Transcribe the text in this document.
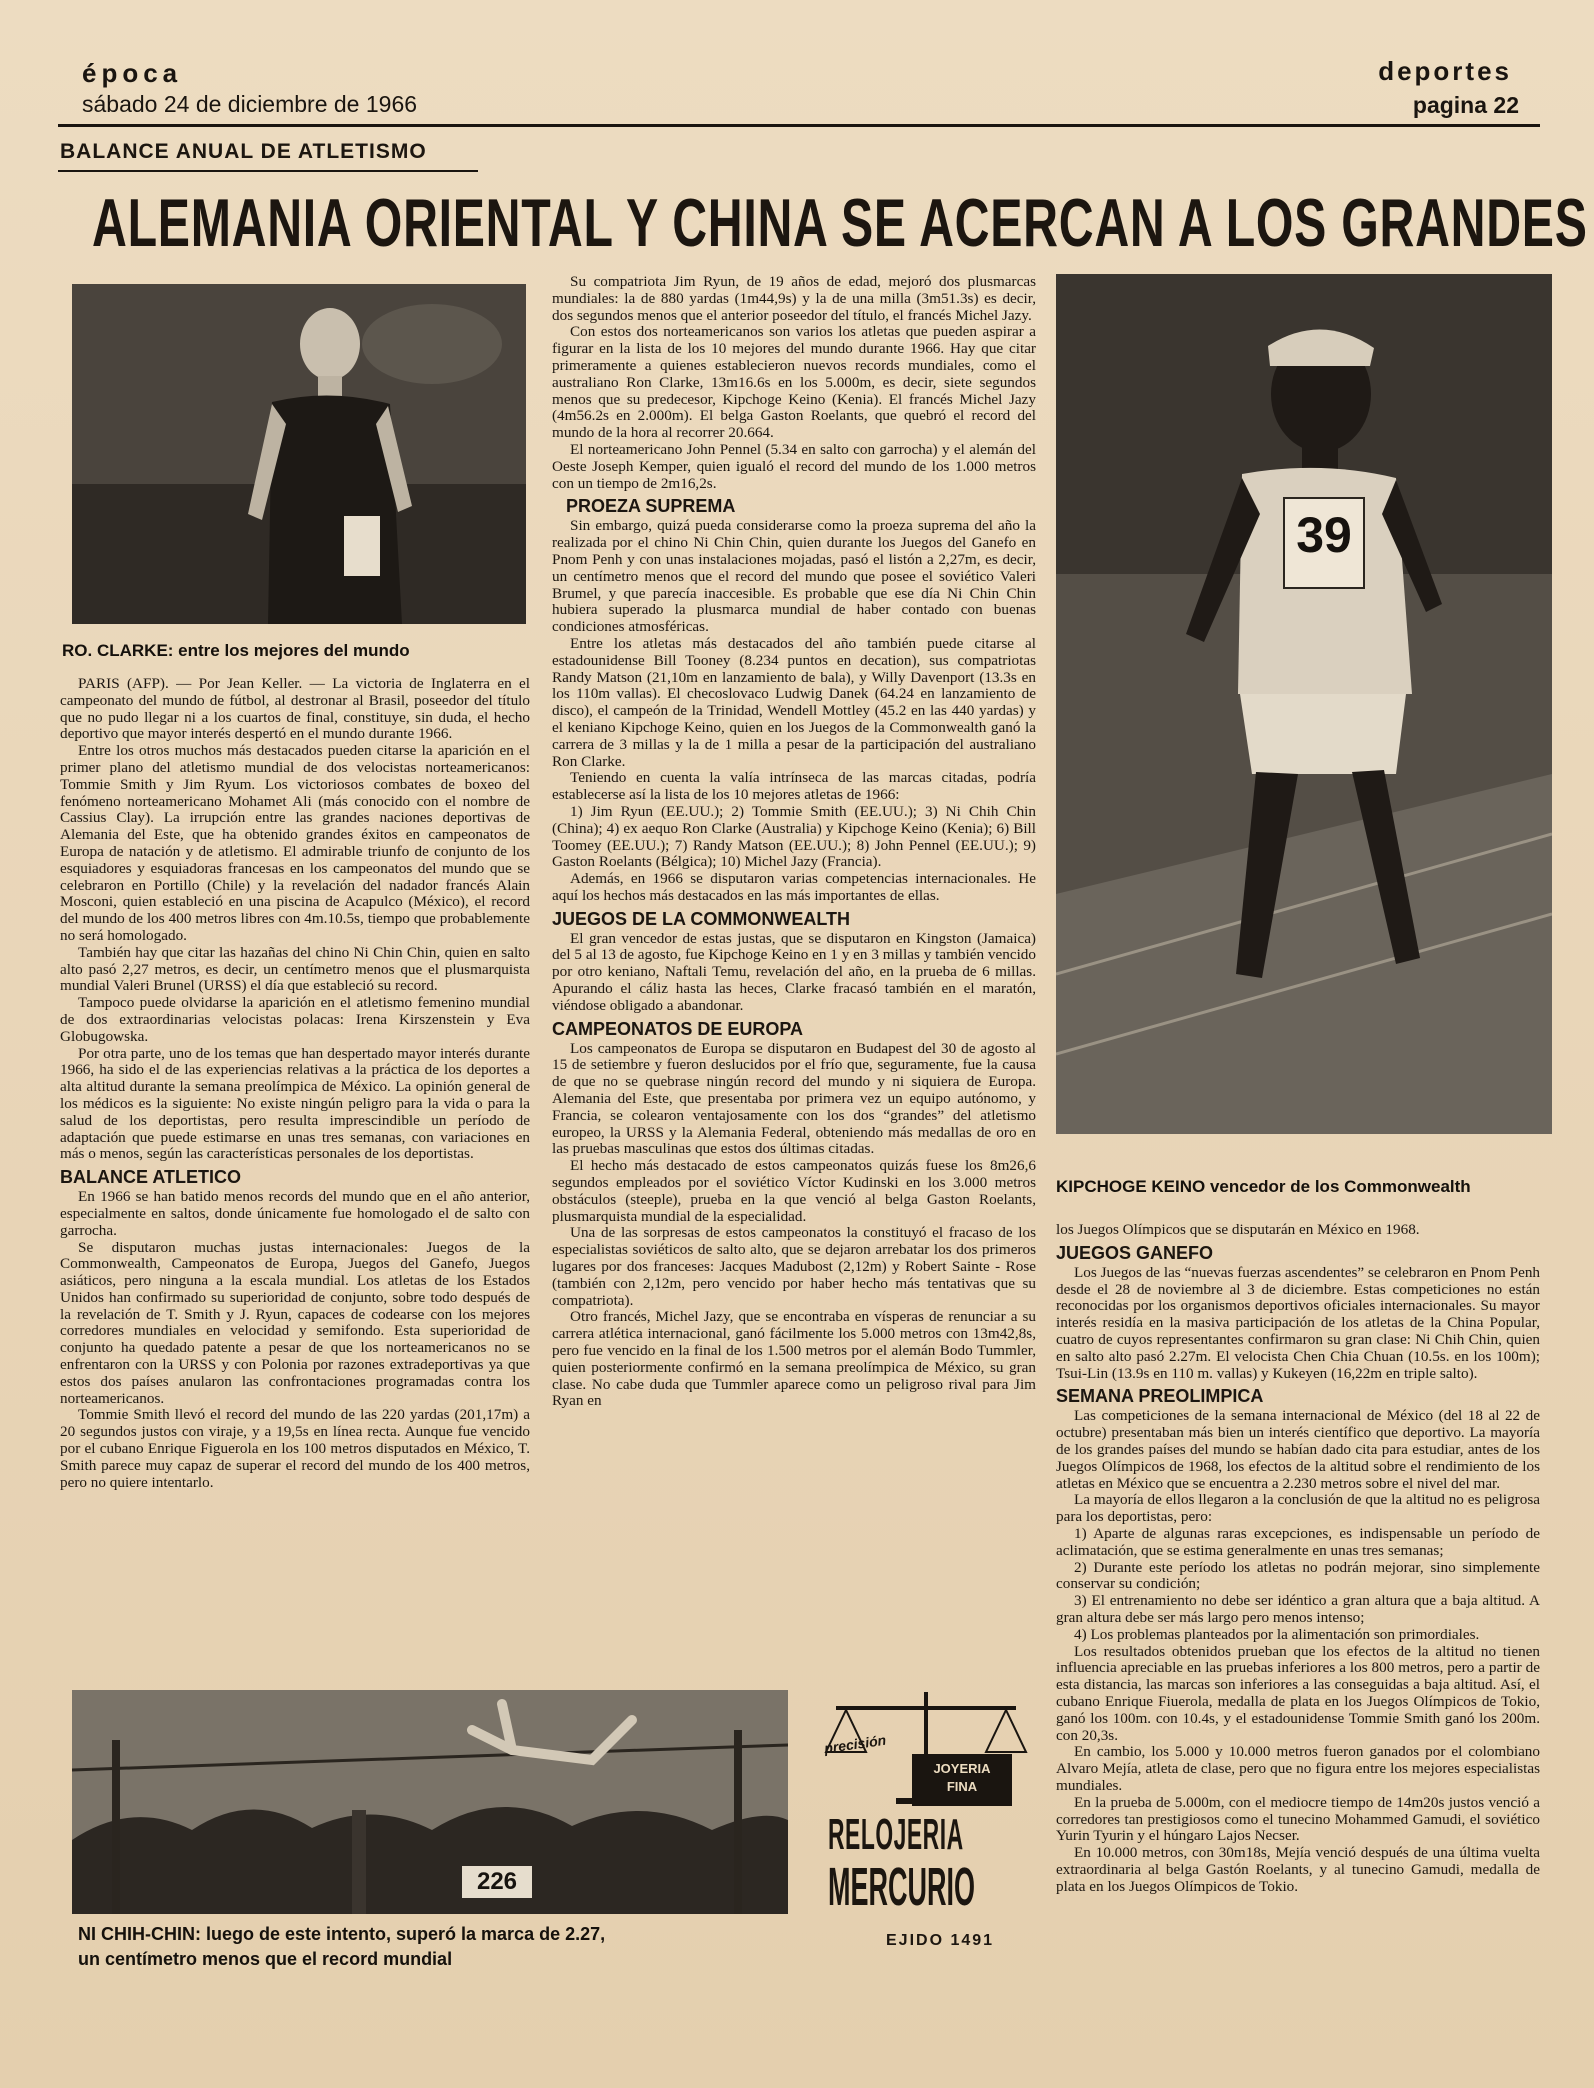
época
sábado 24 de diciembre de 1966
deportes
pagina 22
BALANCE ANUAL DE ATLETISMO
ALEMANIA ORIENTAL Y CHINA SE ACERCAN A LOS GRANDES
RO. CLARKE: entre los mejores del mundo

PARIS (AFP). — Por Jean Keller. — La victoria de Inglaterra en el campeonato del mundo de fútbol, al destronar al Brasil, poseedor del título que no pudo llegar ni a los cuartos de final, constituye, sin duda, el hecho deportivo que mayor interés despertó en el mundo durante 1966.

Entre los otros muchos más destacados pueden citarse la aparición en el primer plano del atletismo mundial de dos velocistas norteamericanos: Tommie Smith y Jim Ryum. Los victoriosos combates de boxeo del fenómeno norteamericano Mohamet Ali (más conocido con el nombre de Cassius Clay). La irrupción entre las grandes naciones deportivas de Alemania del Este, que ha obtenido grandes éxitos en campeonatos de Europa de natación y de atletismo. El admirable triunfo de conjunto de los esquiadores y esquiadoras francesas en los campeonatos del mundo que se celebraron en Portillo (Chile) y la revelación del nadador francés Alain Mosconi, quien estableció en una piscina de Acapulco (México), el record del mundo de los 400 metros libres con 4m.10.5s, tiempo que probablemente no será homologado.

También hay que citar las hazañas del chino Ni Chin Chin, quien en salto alto pasó 2,27 metros, es decir, un centímetro menos que el plusmarquista mundial Valeri Brunel (URSS) el día que estableció su record.

Tampoco puede olvidarse la aparición en el atletismo femenino mundial de dos extraordinarias velocistas polacas: Irena Kirszenstein y Eva Globugowska.

Por otra parte, uno de los temas que han despertado mayor interés durante 1966, ha sido el de las experiencias relativas a la práctica de los deportes a alta altitud durante la semana preolímpica de México. La opinión general de los médicos es la siguiente: No existe ningún peligro para la vida o para la salud de los deportistas, pero resulta imprescindible un período de adaptación que puede estimarse en unas tres semanas, con variaciones en más o menos, según las características personales de los deportistas.

BALANCE ATLETICO

En 1966 se han batido menos records del mundo que en el año anterior, especialmente en saltos, donde únicamente fue homologado el de salto con garrocha.

Se disputaron muchas justas internacionales: Juegos de la Commonwealth, Campeonatos de Europa, Juegos del Ganefo, Juegos asiáticos, pero ninguna a la escala mundial. Los atletas de los Estados Unidos han confirmado su superioridad de conjunto, sobre todo después de la revelación de T. Smith y J. Ryun, capaces de codearse con los mejores corredores mundiales en velocidad y semifondo. Esta superioridad de conjunto ha quedado patente a pesar de que los norteamericanos no se enfrentaron con la URSS y con Polonia por razones extradeportivas ya que estos dos países anularon las confrontaciones programadas contra los norteamericanos.

Tommie Smith llevó el record del mundo de las 220 yardas (201,17m) a 20 segundos justos con viraje, y a 19,5s en línea recta. Aunque fue vencido por el cubano Enrique Figuerola en los 100 metros disputados en México, T. Smith parece muy capaz de superar el record del mundo de los 400 metros, pero no quiere intentarlo.

Su compatriota Jim Ryun, de 19 años de edad, mejoró dos plusmarcas mundiales: la de 880 yardas (1m44,9s) y la de una milla (3m51.3s) es decir, dos segundos menos que el anterior poseedor del título, el francés Michel Jazy.

Con estos dos norteamericanos son varios los atletas que pueden aspirar a figurar en la lista de los 10 mejores del mundo durante 1966. Hay que citar primeramente a quienes establecieron nuevos records mundiales, como el australiano Ron Clarke, 13m16.6s en los 5.000m, es decir, siete segundos menos que su predecesor, Kipchoge Keino (Kenia). El francés Michel Jazy (4m56.2s en 2.000m). El belga Gaston Roelants, que quebró el record del mundo de la hora al recorrer 20.664.

El norteamericano John Pennel (5.34 en salto con garrocha) y el alemán del Oeste Joseph Kemper, quien igualó el record del mundo de los 1.000 metros con un tiempo de 2m16,2s.

PROEZA SUPREMA

Sin embargo, quizá pueda considerarse como la proeza suprema del año la realizada por el chino Ni Chin Chin, quien durante los Juegos del Ganefo en Pnom Penh y con unas instalaciones mojadas, pasó el listón a 2,27m, es decir, un centímetro menos que el record del mundo que posee el soviético Valeri Brumel, y que parecía inaccesible. Es probable que ese día Ni Chin Chin hubiera superado la plusmarca mundial de haber contado con buenas condiciones atmosféricas.

Entre los atletas más destacados del año también puede citarse al estadounidense Bill Tooney (8.234 puntos en decation), sus compatriotas Randy Matson (21,10m en lanzamiento de bala), y Willy Davenport (13.3s en los 110m vallas). El checoslovaco Ludwig Danek (64.24 en lanzamiento de disco), el campeón de la Trinidad, Wendell Mottley (45.2 en las 440 yardas) y el keniano Kipchoge Keino, quien en los Juegos de la Commonwealth ganó la carrera de 3 millas y la de 1 milla a pesar de la participación del australiano Ron Clarke.

Teniendo en cuenta la valía intrínseca de las marcas citadas, podría establecerse así la lista de los 10 mejores atletas de 1966:

1) Jim Ryun (EE.UU.); 2) Tommie Smith (EE.UU.); 3) Ni Chih Chin (China); 4) ex aequo Ron Clarke (Australia) y Kipchoge Keino (Kenia); 6) Bill Toomey (EE.UU.); 7) Randy Matson (EE.UU.); 8) John Pennel (EE.UU.); 9) Gaston Roelants (Bélgica); 10) Michel Jazy (Francia).

Además, en 1966 se disputaron varias competencias internacionales. He aquí los hechos más destacados en las más importantes de ellas.

JUEGOS DE LA COMMONWEALTH

El gran vencedor de estas justas, que se disputaron en Kingston (Jamaica) del 5 al 13 de agosto, fue Kipchoge Keino en 1 y en 3 millas y también vencido por otro keniano, Naftali Temu, revelación del año, en la prueba de 6 millas. Apurando el cáliz hasta las heces, Clarke fracasó también en el maratón, viéndose obligado a abandonar.

CAMPEONATOS DE EUROPA

Los campeonatos de Europa se disputaron en Budapest del 30 de agosto al 15 de setiembre y fueron deslucidos por el frío que, seguramente, fue la causa de que no se quebrase ningún record del mundo y ni siquiera de Europa. Alemania del Este, que presentaba por primera vez un equipo autónomo, y Francia, se colearon ventajosamente con los dos “grandes” del atletismo europeo, la URSS y la Alemania Federal, obteniendo más medallas de oro en las pruebas masculinas que estos dos últimas citadas.

El hecho más destacado de estos campeonatos quizás fuese los 8m26,6 segundos empleados por el soviético Víctor Kudinski en los 3.000 metros obstáculos (steeple), prueba en la que venció al belga Gaston Roelants, plusmarquista mundial de la especialidad.

Una de las sorpresas de estos campeonatos la constituyó el fracaso de los especialistas soviéticos de salto alto, que se dejaron arrebatar los dos primeros lugares por dos franceses: Jacques Madubost (2,12m) y Robert Sainte - Rose (también con 2,12m, pero vencido por haber hecho más tentativas que su compatriota).

Otro francés, Michel Jazy, que se encontraba en vísperas de renunciar a su carrera atlética internacional, ganó fácilmente los 5.000 metros con 13m42,8s, pero fue vencido en la final de los 1.500 metros por el alemán Bodo Tummler, quien posteriormente confirmó en la semana preolímpica de México, su gran clase. No cabe duda que Tummler aparece como un peligroso rival para Jim Ryan en

39
KIPCHOGE KEINO vencedor de los Commonwealth

los Juegos Olímpicos que se disputarán en México en 1968.

JUEGOS GANEFO

Los Juegos de las “nuevas fuerzas ascendentes” se celebraron en Pnom Penh desde el 28 de noviembre al 3 de diciembre. Estas competiciones no están reconocidas por los organismos deportivos oficiales internacionales. Su mayor interés residía en la masiva participación de los atletas de la China Popular, cuatro de cuyos representantes confirmaron su gran clase: Ni Chih Chin, quien en salto alto pasó 2.27m. El velocista Chen Chia Chuan (10.5s. en los 100m); Tsui-Lin (13.9s en 110 m. vallas) y Kukeyen (16,22m en triple salto).

SEMANA PREOLIMPICA

Las competiciones de la semana internacional de México (del 18 al 22 de octubre) presentaban más bien un interés científico que deportivo. La mayoría de los grandes países del mundo se habían dado cita para estudiar, antes de los Juegos Olímpicos de 1968, los efectos de la altitud sobre el rendimiento de los atletas en México que se encuentra a 2.230 metros sobre el nivel del mar.

La mayoría de ellos llegaron a la conclusión de que la altitud no es peligrosa para los deportistas, pero:

1) Aparte de algunas raras excepciones, es indispensable un período de aclimatación, que se estima generalmente en unas tres semanas;

2) Durante este período los atletas no podrán mejorar, sino simplemente conservar su condición;

3) El entrenamiento no debe ser idéntico a gran altura que a baja altitud. A gran altura debe ser más largo pero menos intenso;

4) Los problemas planteados por la alimentación son primordiales.

Los resultados obtenidos prueban que los efectos de la altitud no tienen influencia apreciable en las pruebas inferiores a los 800 metros, pero a partir de esta distancia, las marcas son inferiores a las conseguidas a baja altitud. Así, el cubano Enrique Fiuerola, medalla de plata en los Juegos Olímpicos de Tokio, ganó los 100m. con 10.4s, y el estadounidense Tommie Smith ganó los 200m. con 20,3s.

En cambio, los 5.000 y 10.000 metros fueron ganados por el colombiano Alvaro Mejía, atleta de clase, pero que no figura entre los mejores especialistas mundiales.

En la prueba de 5.000m, con el mediocre tiempo de 14m20s justos venció a corredores tan prestigiosos como el tunecino Mohammed Gamudi, el soviético Yurin Tyurin y el húngaro Lajos Necser.

En 10.000 metros, con 30m18s, Mejía venció después de una última vuelta extraordinaria al belga Gastón Roelants, y al tunecino Gamudi, medalla de plata en los Juegos Olímpicos de Tokio.

226
NI CHIH-CHIN: luego de este intento, superó la marca de 2.27,
un centímetro menos que el record mundial
precisión
JOYERIA
FINA
RELOJERIA
MERCURIO
EJIDO 1491
